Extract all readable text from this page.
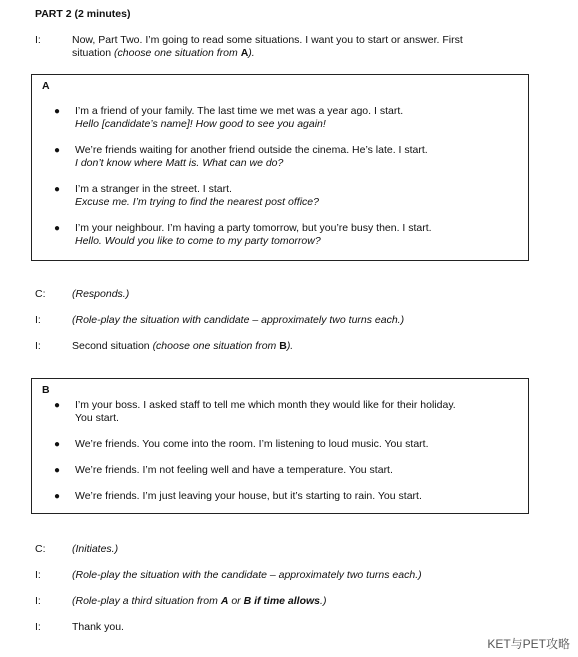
PART 2 (2 minutes)
I:	Now, Part Two. I’m going to read some situations. I want you to start or answer. First
situation (choose one situation from A).
A
● I’m a friend of your family. The last time we met was a year ago. I start.
Hello [candidate’s name]! How good to see you again!
● We’re friends waiting for another friend outside the cinema. He’s late. I start.
I don’t know where Matt is. What can we do?
● I’m a stranger in the street. I start.
Excuse me. I’m trying to find the nearest post office?
● I’m your neighbour. I’m having a party tomorrow, but you’re busy then. I start.
Hello. Would you like to come to my party tomorrow?
C:	(Responds.)
I:	(Role-play the situation with candidate – approximately two turns each.)
I:	Second situation (choose one situation from B).
B
● I’m your boss. I asked staff to tell me which month they would like for their holiday.
You start.
● We’re friends. You come into the room. I’m listening to loud music. You start.
● We’re friends. I’m not feeling well and have a temperature. You start.
● We’re friends. I’m just leaving your house, but it’s starting to rain. You start.
C:	(Initiates.)
I:	(Role-play the situation with the candidate – approximately two turns each.)
I:	(Role-play a third situation from A or B if time allows.)
I:	Thank you.
KET与PET攻略
